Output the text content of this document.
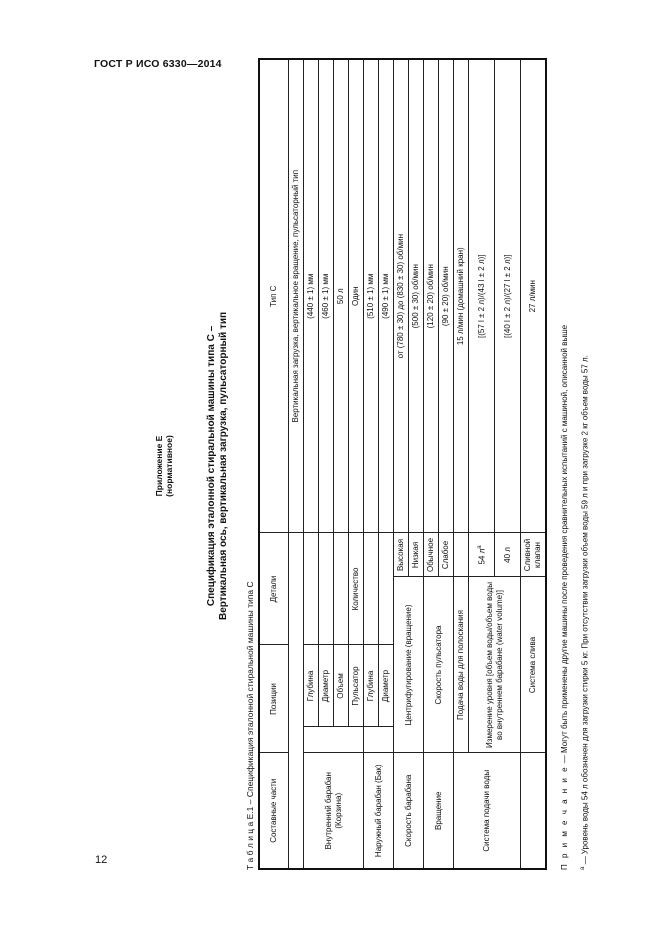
ГОСТ Р ИСО 6330—2014
12
Приложение Е (нормативное)	Спецификация эталонной стиральной машины типа С – Вертикальная ось, вертикальная загрузка, пульсаторный тип
Т а б л и ц а Е.1 – Спецификация эталонной стиральной машины типа С Составные части	Позиции		Детали		Тип С
					Вертикальная загрузка, вертикальное вращение, пульсаторный тип
Внутренний барабан (Корзина)		Глубина			(440 ± 1) мм
		Диаметр			(460 ± 1) мм
		Объем			50 л
		Пульсатор	Количество		Один
Наружный барабан (Бак)		Глубина			(510 ± 1) мм
		Диаметр			(490 ± 1) мм
Скорость барабана	Центрифугирование (вращение)			Высокая	от (780 ± 30) до (830 ± 30) об/мин
				Низкая	(500 ± 30) об/мин
Вращение	Скорость пульсатора			Обычное	(120 ± 20) об/мин
				Слабое	(90 ± 20) об/мин
Система подачи воды	Подача воды для полоскания				15 л/мин (домашний кран)
	Измерение уровня [объем воды/объем воды во внутреннем барабане (water volume)]			54 $л^а$	[(57 l ± 2 л)/(43 l ± 2 л)]
				40 л	[(40 l ± 2 л)/(27 l ± 2 л)]
	Система слива			Сливной клапан	27 л/мин
П р и м е ч а н и е — Могут быть применены другие машины после проведения сравнительных испытаний с машиной, описанной выше
$^а$ — Уровень воды 54 л обозначен для загрузки стирки 5 кг. При отсутствии загрузки объем воды 59 л и при загрузке 2 кг объем воды 57 л.
